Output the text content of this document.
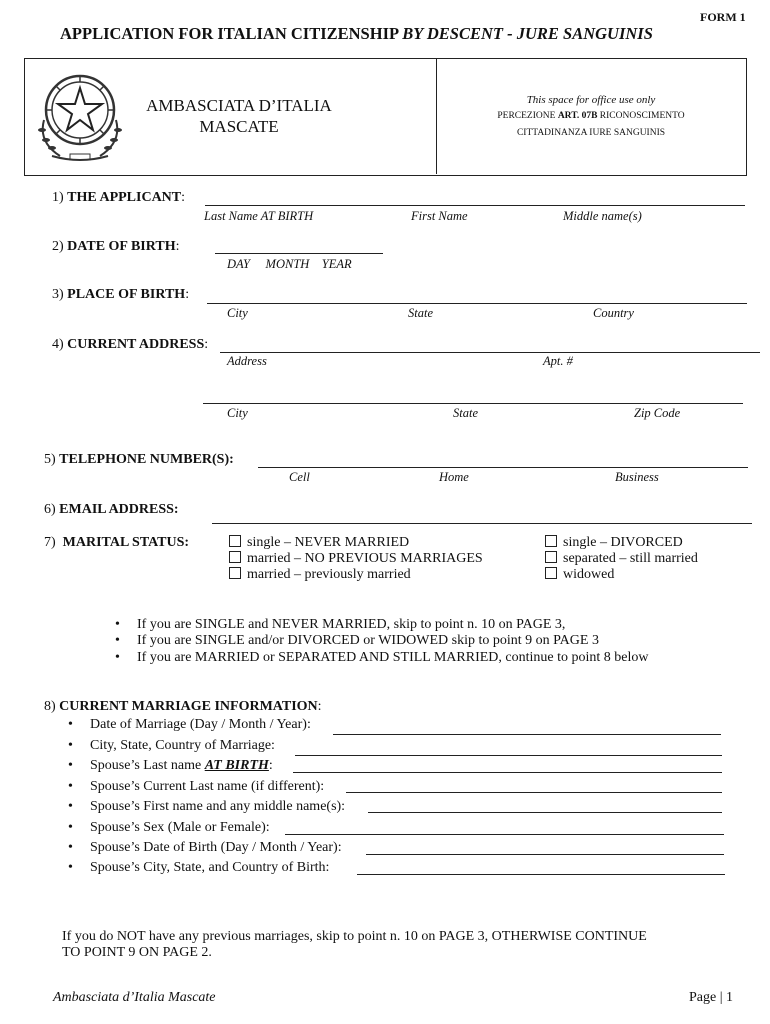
FORM 1
APPLICATION FOR ITALIAN CITIZENSHIP BY DESCENT - JURE SANGUINIS
AMBASCIATA D’ITALIA
MASCATE
This space for office use only
PERCEZIONE ART. 07B RICONOSCIMENTO
CITTADINANZA IURE SANGUINIS
1) THE APPLICANT:
Last Name AT BIRTH	First Name	Middle name(s)
2) DATE OF BIRTH:
DAY     MONTH    YEAR
3) PLACE OF BIRTH:
City	State	Country
4) CURRENT ADDRESS:
Address	Apt. #
City	State	Zip Code
5) TELEPHONE NUMBER(S):
Cell	Home	Business
6) EMAIL ADDRESS:
7)  MARITAL STATUS:	single – NEVER MARRIED
married – NO PREVIOUS MARRIAGES
married – previously married
single – DIVORCED
separated – still married
widowed
• If you are SINGLE and NEVER MARRIED, skip to point n. 10 on PAGE 3,
• If you are SINGLE and/or DIVORCED or WIDOWED skip to point 9 on PAGE 3
• If you are MARRIED or SEPARATED AND STILL MARRIED, continue to point 8 below
8) CURRENT MARRIAGE INFORMATION:
• Date of Marriage (Day / Month / Year):
• City, State, Country of Marriage:
• Spouse’s Last name AT BIRTH:
• Spouse’s Current Last name (if different):
• Spouse’s First name and any middle name(s):
• Spouse’s Sex (Male or Female):
• Spouse’s Date of Birth (Day / Month / Year):
• Spouse’s City, State, and Country of Birth:
If you do NOT have any previous marriages, skip to point n. 10 on PAGE 3, OTHERWISE CONTINUE
TO POINT 9 ON PAGE 2.
Ambasciata d’Italia Mascate	Page | 1
